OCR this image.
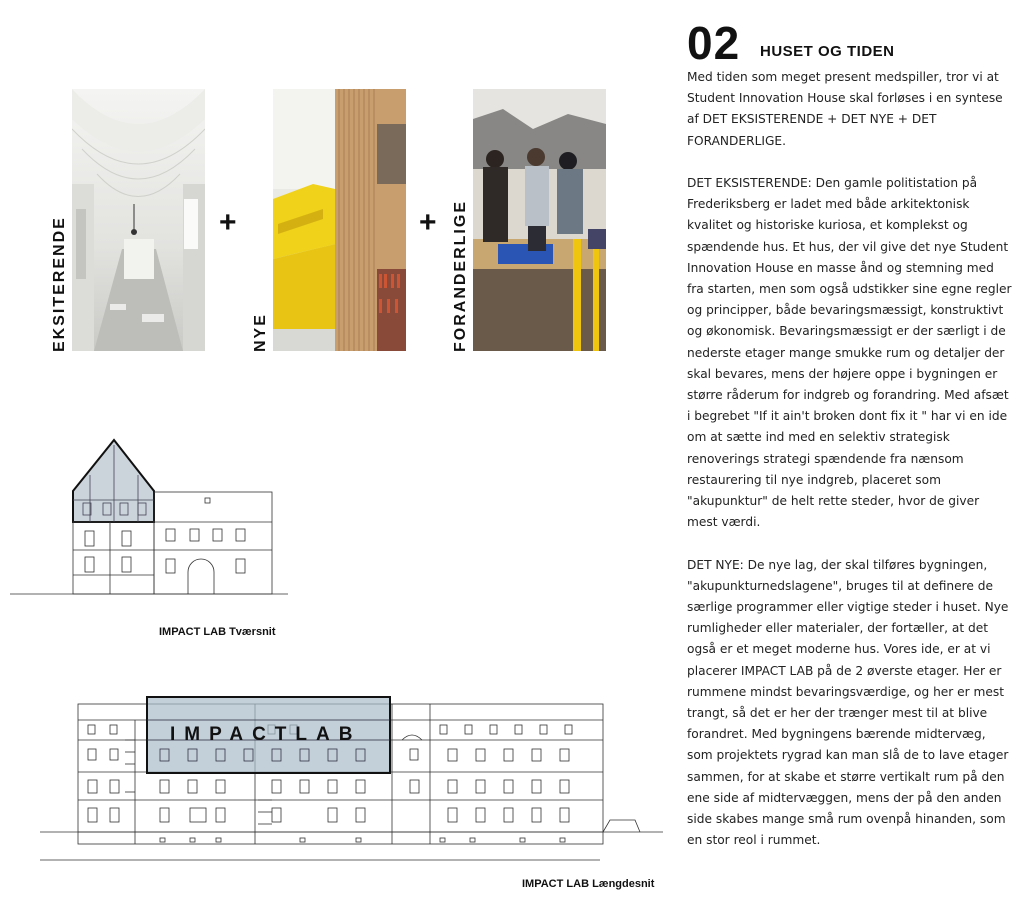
EKSITERENDE	+
NYE
+ FORANDERLIGE
02 HUSET OG TIDEN

Med tiden som meget present medspiller, tror vi at Student Innovation House skal forløses i en syntese af DET EKSISTERENDE + DET NYE + DET FORANDERLIGE.

DET EKSISTERENDE: Den gamle politistation på Frederiksberg er ladet med både arkitektonisk kvalitet og historiske kuriosa, et komplekst og spændende hus. Et hus, der vil give det nye Student Innovation House en masse ånd og stemning med fra starten, men som også udstikker sine egne regler og principper, både bevaringsmæssigt, konstruktivt og økonomisk. Bevaringsmæssigt er der særligt i de nederste etager mange smukke rum og detaljer der skal bevares, mens der højere oppe i bygningen er større råderum for indgreb og forandring. Med afsæt i begrebet "If it ain't broken dont fix it " har vi en ide om at sætte ind med en selektiv strategisk renoverings strategi spændende fra nænsom restaurering til nye indgreb, placeret som "akupunktur" de helt rette steder, hvor de giver mest værdi.

DET NYE: De nye lag, der skal tilføres bygningen, "akupunkturnedslagene", bruges til at definere de særlige programmer eller vigtige steder i huset. Nye rumligheder eller materialer, der fortæller, at det også er et meget moderne hus. Vores ide, er at vi placerer IMPACT LAB på de 2 øverste etager. Her er rummene mindst bevaringsværdige, og her er mest trangt, så det er her der trænger mest til at blive forandret. Med bygningens bærende midtervæg, som projektets rygrad kan man slå de to lave etager sammen, for at skabe et større vertikalt rum på den ene side af midtervæggen, mens der på den anden side skabes mange små rum ovenpå hinanden, som en stor reol i rummet.

IMPACT LAB Tværsnit
IMPACTLAB
IMPACT LAB Længdesnit
